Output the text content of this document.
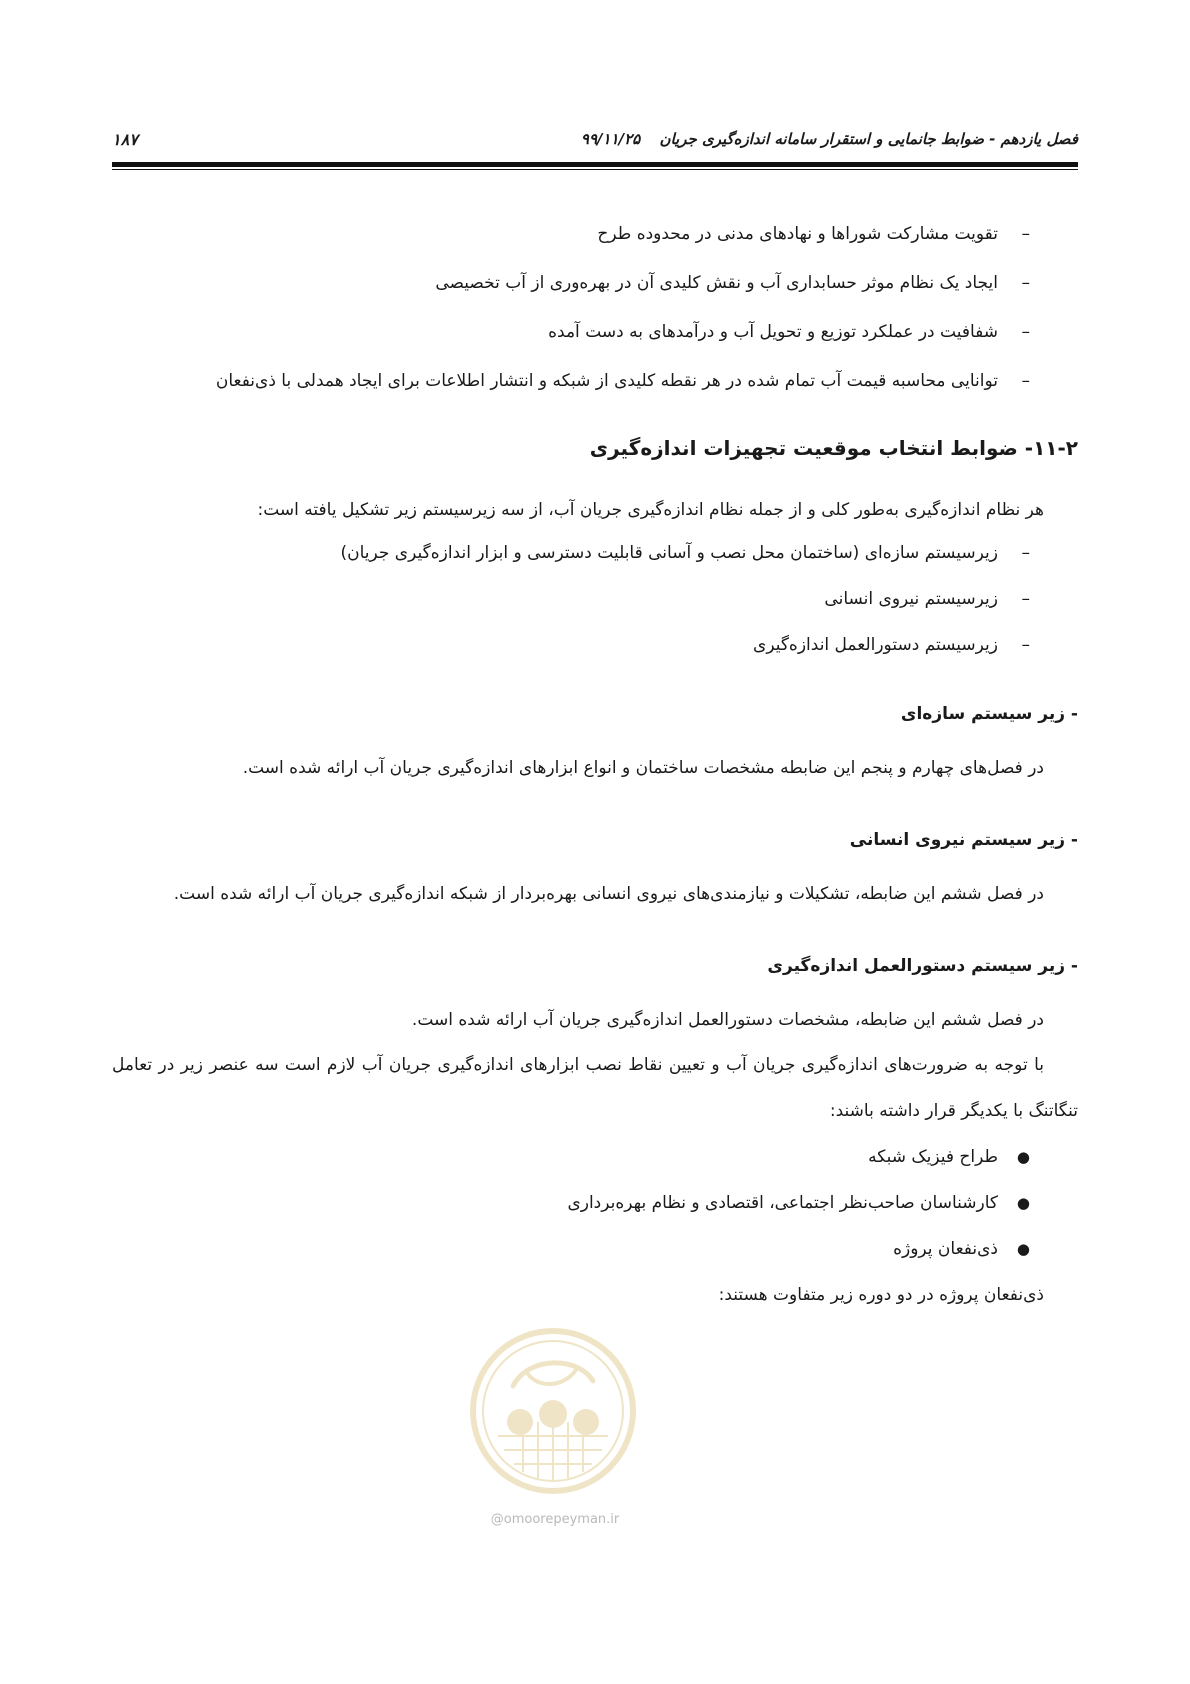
فصل یازدهم - ضوابط جانمایی و استقرار سامانه اندازه‌گیری جریان ۹۹/۱۱/۲۵
۱۸۷
–
تقویت مشارکت شوراها و نهادهای مدنی در محدوده طرح
–
ایجاد یک نظام موثر حسابداری آب و نقش کلیدی آن در بهره‌وری از آب تخصیصی
–
شفافیت در عملکرد توزیع و تحویل آب و درآمدهای به دست آمده
–
توانایی محاسبه قیمت آب تمام شده در هر نقطه کلیدی از شبکه و انتشار اطلاعات برای ایجاد همدلی با ذی‌نفعان
۱۱-۲- ضوابط انتخاب موقعیت تجهیزات اندازه‌گیری

هر نظام اندازه‌گیری به‌طور کلی و از جمله نظام اندازه‌گیری جریان آب، از سه زیرسیستم زیر تشکیل یافته است:

–
زیرسیستم سازه‌ای (ساختمان محل نصب و آسانی قابلیت دسترسی و ابزار اندازه‌گیری جریان)
–
زیرسیستم نیروی انسانی
–
زیرسیستم دستورالعمل اندازه‌گیری
- زیر سیستم سازه‌ای

در فصل‌های چهارم و پنجم این ضابطه مشخصات ساختمان و انواع ابزارهای اندازه‌گیری جریان آب ارائه شده است.

- زیر سیستم نیروی انسانی

در فصل ششم این ضابطه، تشکیلات و نیازمندی‌های نیروی انسانی بهره‌بردار از شبکه اندازه‌گیری جریان آب ارائه شده است.

- زیر سیستم دستورالعمل اندازه‌گیری

در فصل ششم این ضابطه، مشخصات دستورالعمل اندازه‌گیری جریان آب ارائه شده است.

با توجه به ضرورت‌های اندازه‌گیری جریان آب و تعیین نقاط نصب ابزارهای اندازه‌گیری جریان آب لازم است سه عنصر زیر در تعامل تنگاتنگ با یکدیگر قرار داشته باشند:

●
طراح فیزیک شبکه
●
کارشناسان صاحب‌نظر اجتماعی، اقتصادی و نظام بهره‌برداری
●
ذی‌نفعان پروژه

ذی‌نفعان پروژه در دو دوره زیر متفاوت هستند:

@omoorepeyman.ir
